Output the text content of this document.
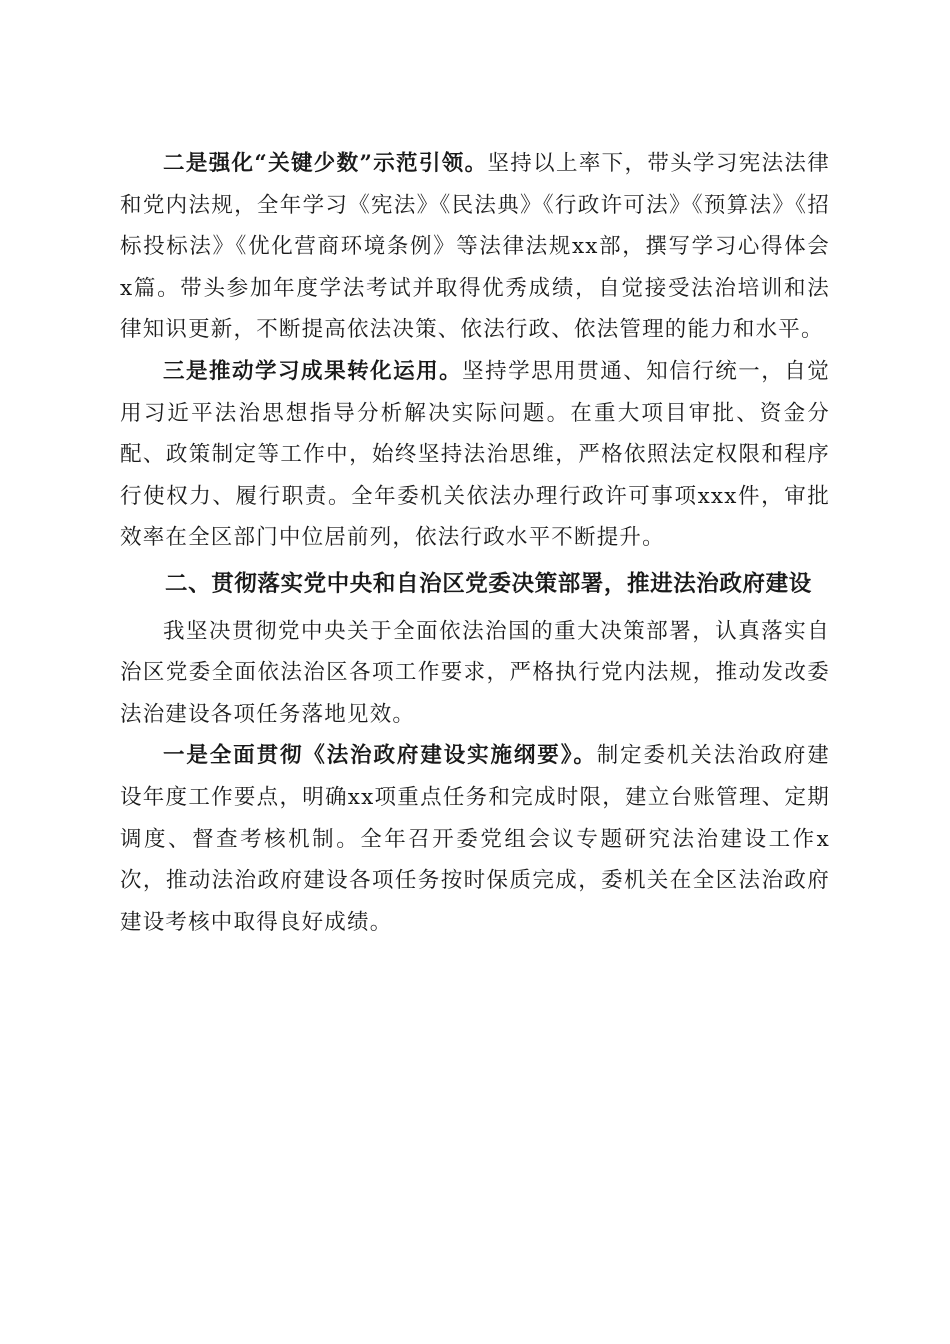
二是强化“关键少数”示范引领。坚持以上率下，带头学习宪法法律和党内法规，全年学习《宪法》《民法典》《行政许可法》《预算法》《招标投标法》《优化营商环境条例》等法律法规xx部，撰写学习心得体会x篇。带头参加年度学法考试并取得优秀成绩，自觉接受法治培训和法律知识更新，不断提高依法决策、依法行政、依法管理的能力和水平。

三是推动学习成果转化运用。坚持学思用贯通、知信行统一，自觉用习近平法治思想指导分析解决实际问题。在重大项目审批、资金分配、政策制定等工作中，始终坚持法治思维，严格依照法定权限和程序行使权力、履行职责。全年委机关依法办理行政许可事项xxx件，审批效率在全区部门中位居前列，依法行政水平不断提升。

二、贯彻落实党中央和自治区党委决策部署，推进法治政府建设

我坚决贯彻党中央关于全面依法治国的重大决策部署，认真落实自治区党委全面依法治区各项工作要求，严格执行党内法规，推动发改委法治建设各项任务落地见效。

一是全面贯彻《法治政府建设实施纲要》。制定委机关法治政府建设年度工作要点，明确xx项重点任务和完成时限，建立台账管理、定期调度、督查考核机制。全年召开委党组会议专题研究法治建设工作x次，推动法治政府建设各项任务按时保质完成，委机关在全区法治政府建设考核中取得良好成绩。
